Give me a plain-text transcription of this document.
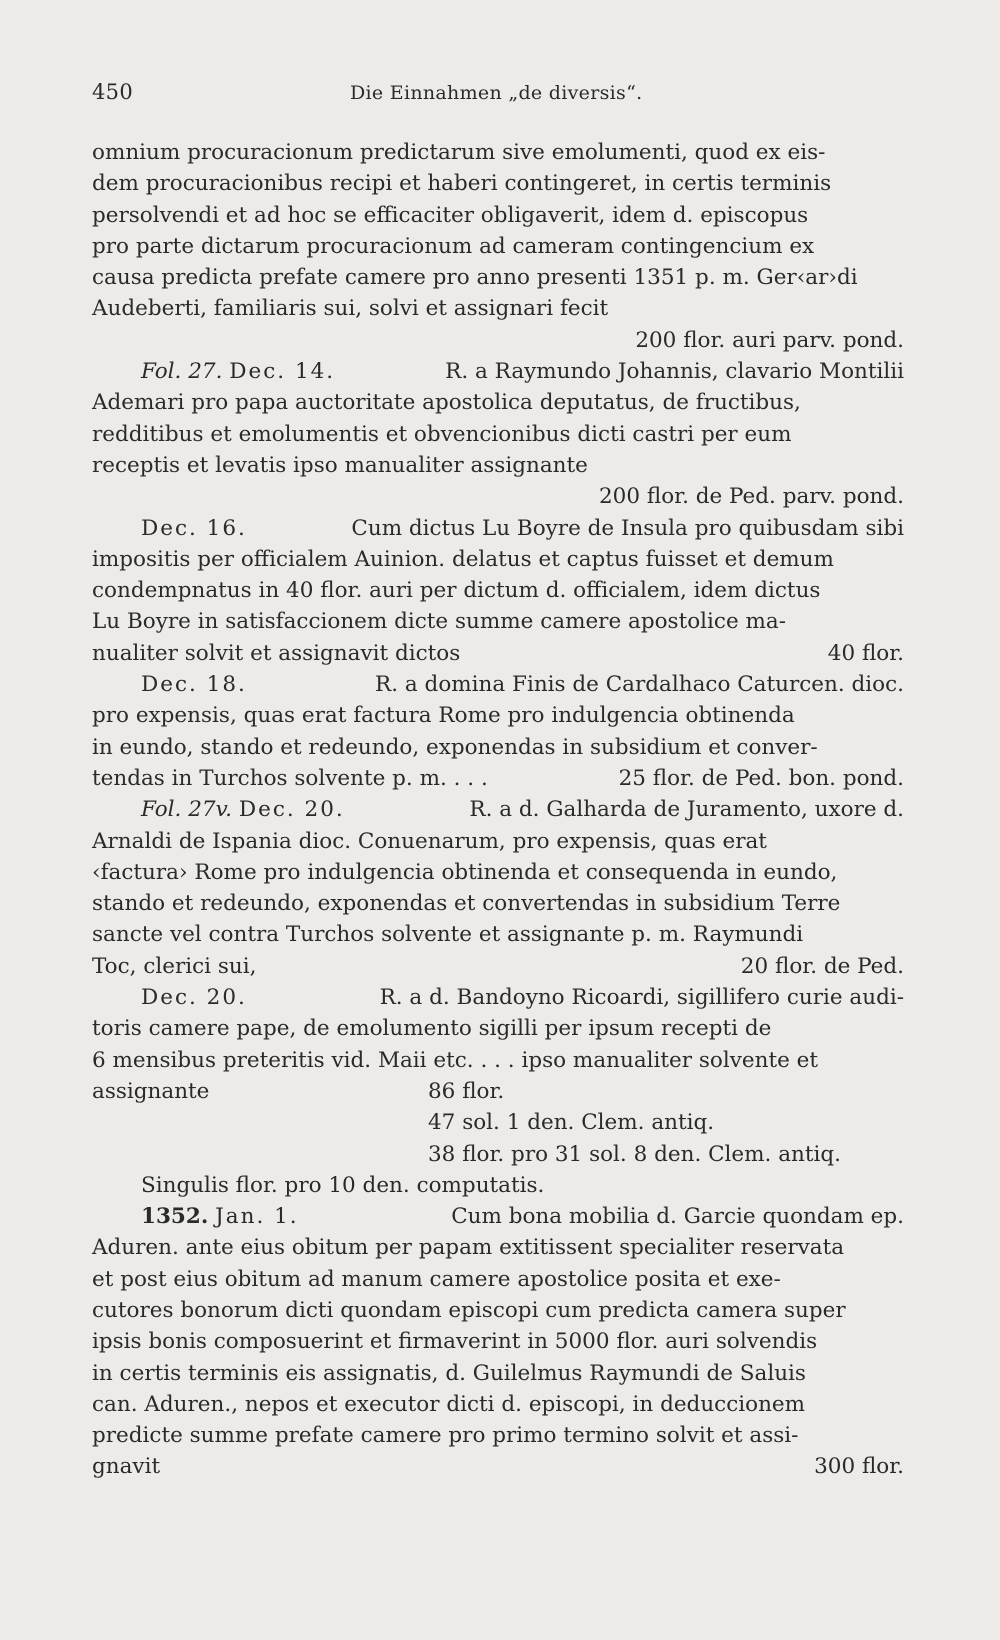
450	Die Einnahmen „de diversis“.
omnium procuracionum predictarum sive emolumenti, quod ex eis-
dem procuracionibus recipi et haberi contingeret, in certis terminis
persolvendi et ad hoc se efficaciter obligaverit, idem d. episcopus
pro parte dictarum procuracionum ad cameram contingencium ex
causa predicta prefate camere pro anno presenti 1351 p. m. Ger‹ar›di
Audeberti, familiaris sui, solvi et assignari fecit
200 flor. auri parv. pond.
Fol. 27. Dec. 14.	R. a Raymundo Johannis, clavario Montilii
Ademari pro papa auctoritate apostolica deputatus, de fructibus,
redditibus et emolumentis et obvencionibus dicti castri per eum
receptis et levatis ipso manualiter assignante
200 flor. de Ped. parv. pond.
Dec. 16.	Cum dictus Lu Boyre de Insula pro quibusdam sibi
impositis per officialem Auinion. delatus et captus fuisset et demum
condempnatus in 40 flor. auri per dictum d. officialem, idem dictus
Lu Boyre in satisfaccionem dicte summe camere apostolice ma-
nualiter solvit et assignavit dictos	40 flor.
Dec. 18.	R. a domina Finis de Cardalhaco Caturcen. dioc.
pro expensis, quas erat factura Rome pro indulgencia obtinenda
in eundo, stando et redeundo, exponendas in subsidium et conver-
tendas in Turchos solvente p. m. . . .	25 flor. de Ped. bon. pond.
Fol. 27v. Dec. 20.	R. a d. Galharda de Juramento, uxore d.
Arnaldi de Ispania dioc. Conuenarum, pro expensis, quas erat
‹factura› Rome pro indulgencia obtinenda et consequenda in eundo,
stando et redeundo, exponendas et convertendas in subsidium Terre
sancte vel contra Turchos solvente et assignante p. m. Raymundi
Toc, clerici sui,	20 flor. de Ped.
Dec. 20.	R. a d. Bandoyno Ricoardi, sigillifero curie audi-
toris camere pape, de emolumento sigilli per ipsum recepti de
6 mensibus preteritis vid. Maii etc. . . . ipso manualiter solvente et
assignante	86 flor.
47 sol. 1 den. Clem. antiq.
38 flor. pro 31 sol. 8 den. Clem. antiq.
Singulis flor. pro 10 den. computatis.
1352. Jan. 1.	Cum bona mobilia d. Garcie quondam ep.
Aduren. ante eius obitum per papam extitissent specialiter reservata
et post eius obitum ad manum camere apostolice posita et exe-
cutores bonorum dicti quondam episcopi cum predicta camera super
ipsis bonis composuerint et firmaverint in 5000 flor. auri solvendis
in certis terminis eis assignatis, d. Guilelmus Raymundi de Saluis
can. Aduren., nepos et executor dicti d. episcopi, in deduccionem
predicte summe prefate camere pro primo termino solvit et assi-
gnavit	300 flor.
